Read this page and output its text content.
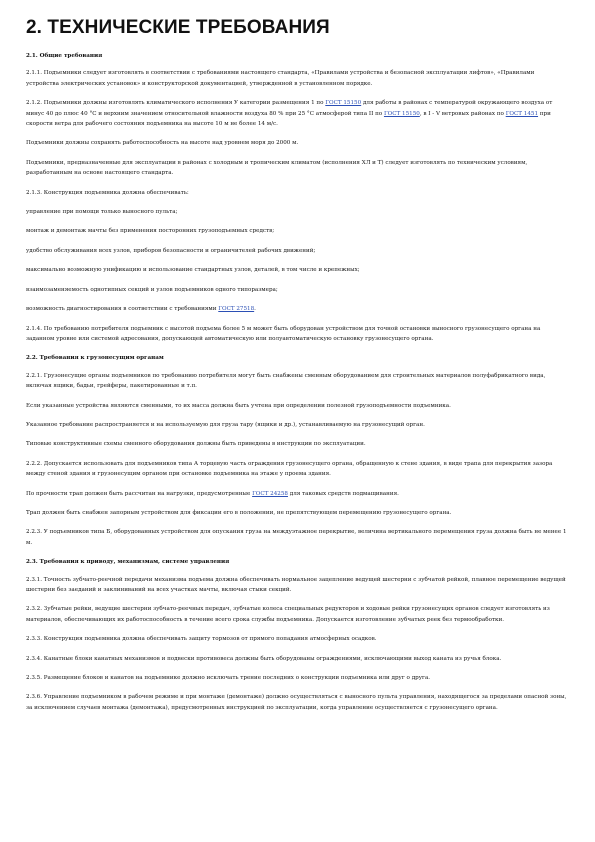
2. ТЕХНИЧЕСКИЕ ТРЕБОВАНИЯ

2.1. Общие требования

2.1.1. Подъемники следует изготовлять в соответствии с требованиями настоящего стандарта, «Правилами устройства и безопасной эксплуатации лифтов», «Правилами устройства электрических установок» и конструкторской документацией, утвержденной в установленном порядке.

2.1.2. Подъемники должны изготовлять климатического исполнения У категории размещения 1 по ГОСТ 15150 для работы в районах с температурой окружающего воздуха от минус 40 до плюс 40 °С и верхним значением относительной влажности воздуха 80 % при 25 °С атмосферой типа II по ГОСТ 15150, в I - V ветровых районах по ГОСТ 1451 при скорости ветра для рабочего состояния подъемника на высоте 10 м не более 14 м/с.

Подъемники должны сохранять работоспособность на высоте над уровнем моря до 2000 м.

Подъемники, предназначенные для эксплуатации в районах с холодным и тропическим климатом (исполнения ХЛ и Т) следует изготовлять по техническим условиям, разработанным на основе настоящего стандарта.

2.1.3. Конструкция подъемника должна обеспечивать:

управление при помощи только выносного пульта;

монтаж и демонтаж мачты без применения посторонних грузоподъемных средств;

удобство обслуживания всех узлов, приборов безопасности и ограничителей рабочих движений;

максимально возможную унификацию и использование стандартных узлов, деталей, в том числе и крепежных;

взаимозаменяемость однотипных секций и узлов подъемников одного типоразмера;

возможность диагностирования в соответствии с требованиями ГОСТ 27518.

2.1.4. По требованию потребителя подъемник с высотой подъема более 5 м может быть оборудован устройством для точной остановки выносного грузонесущего органа на заданном уровне или системой адресования, допускающей автоматическую или полуавтоматическую остановку грузонесущего органа.

2.2. Требования к грузонесущим органам

2.2.1. Грузонесущие органы подъемников по требованию потребителя могут быть снабжены сменным оборудованием для строительных материалов полуфабрикатного вида, включая ящики, бадьи, грейферы, пакетированные и т.п.

Если указанные устройства являются сменными, то их масса должна быть учтена при определении полезной грузоподъемности подъемника.

Указанное требование распространяется и на используемую для груза тару (ящики и др.), устанавливаемую на грузонесущий орган.

Типовые конструктивные схемы сменного оборудования должны быть приведены в инструкции по эксплуатации.

2.2.2. Допускается использовать для подъемников типа А торцевую часть ограждения грузонесущего органа, обращенную к стене здания, в виде трапа для перекрытия зазора между стеной здания и грузонесущим органом при остановке подъемника на этаже у проема здания.

По прочности трап должен быть рассчитан на нагрузки, предусмотренные ГОСТ 24258 для таковых средств подмащивания.

Трап должен быть снабжен запорным устройством для фиксации его в положении, не препятствующем перемещению грузонесущего органа.

2.2.3. У подъемников типа Б, оборудованных устройством для опускания груза на междуэтажное перекрытие, величина вертикального перемещения груза должна быть не менее 1 м.

2.3. Требования к приводу, механизмам, системе управления

2.3.1. Точность зубчато-реечной передачи механизма подъема должна обеспечивать нормальное зацепление ведущей шестерни с зубчатой рейкой, плавное перемещение ведущей шестерни без заеданий и заклиниваний на всех участках мачты, включая стыки секций.

2.3.2. Зубчатые рейки, ведущие шестерни зубчато-реечных передач, зубчатые колеса специальных редукторов и ходовые рейки грузонесущих органов следует изготовлять из материалов, обеспечивающих их работоспособность в течение всего срока службы подъемника. Допускается изготовление зубчатых реек без термообработки.

2.3.3. Конструкция подъемника должна обеспечивать защиту тормозов от прямого попадания атмосферных осадков.

2.3.4. Канатные блоки канатных механизмов и подвески противовеса должны быть оборудованы ограждениями, исключающими выход каната из ручья блока.

2.3.5. Размещение блоков и канатов на подъемнике должно исключать трение последних о конструкции подъемника или друг о друга.

2.3.6. Управление подъемником в рабочем режиме и при монтаже (демонтаже) должно осуществляться с выносного пульта управления, находящегося за пределами опасной зоны, за исключением случаев монтажа (демонтажа), предусмотренных инструкцией по эксплуатации, когда управление осуществляется с грузонесущего органа.
